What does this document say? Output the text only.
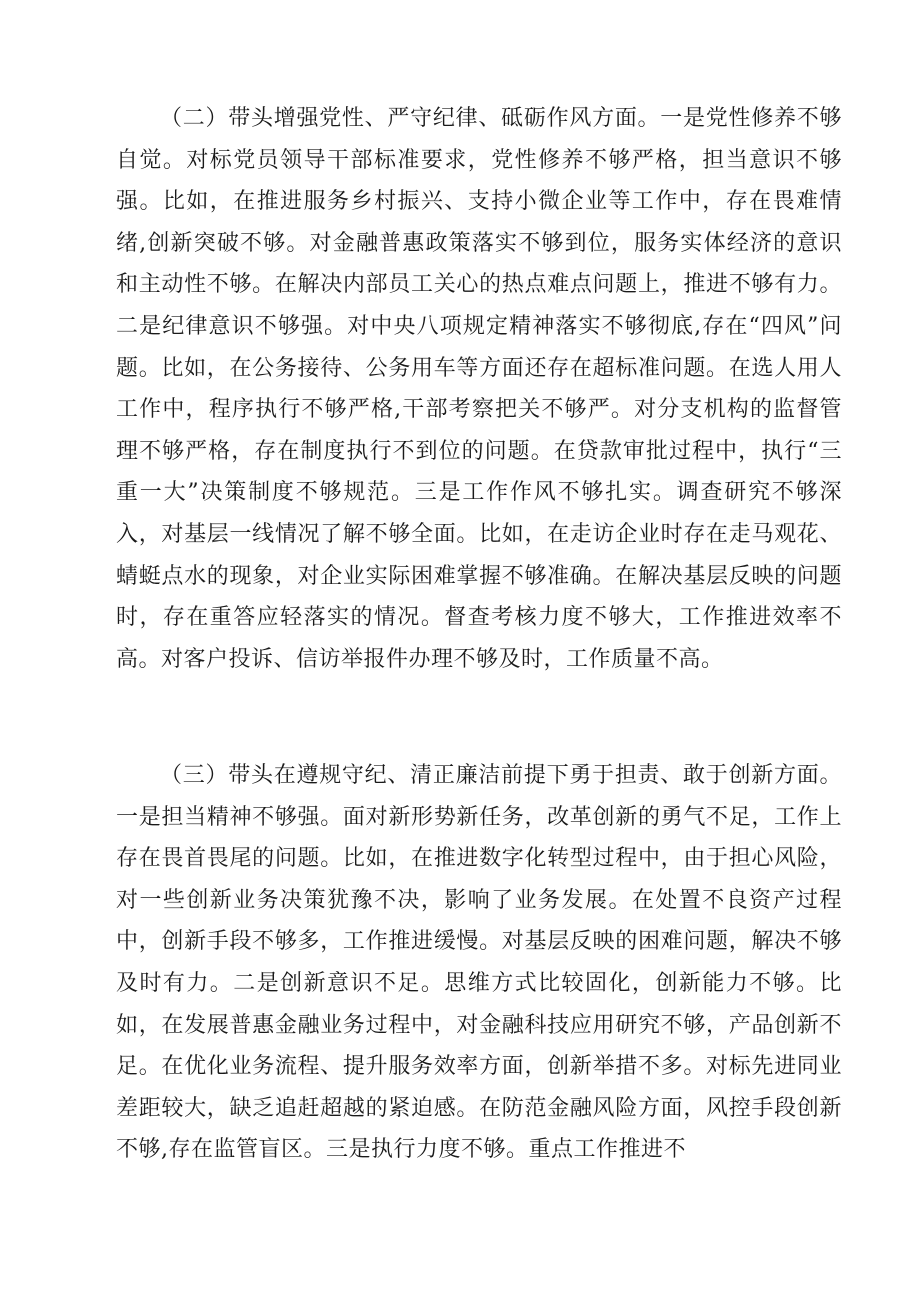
（二）带头增强党性、严守纪律、砥砺作风方面。一是党性修养不够自觉。对标党员领导干部标准要求，党性修养不够严格，担当意识不够强。比如，在推进服务乡村振兴、支持小微企业等工作中，存在畏难情绪,创新突破不够。对金融普惠政策落实不够到位，服务实体经济的意识和主动性不够。在解决内部员工关心的热点难点问题上，推进不够有力。二是纪律意识不够强。对中央八项规定精神落实不够彻底,存在“四风”问题。比如，在公务接待、公务用车等方面还存在超标准问题。在选人用人工作中，程序执行不够严格,干部考察把关不够严。对分支机构的监督管理不够严格，存在制度执行不到位的问题。在贷款审批过程中，执行“三重一大”决策制度不够规范。三是工作作风不够扎实。调查研究不够深入，对基层一线情况了解不够全面。比如，在走访企业时存在走马观花、蜻蜓点水的现象，对企业实际困难掌握不够准确。在解决基层反映的问题时，存在重答应轻落实的情况。督查考核力度不够大，工作推进效率不高。对客户投诉、信访举报件办理不够及时，工作质量不高。

（三）带头在遵规守纪、清正廉洁前提下勇于担责、敢于创新方面。一是担当精神不够强。面对新形势新任务，改革创新的勇气不足，工作上存在畏首畏尾的问题。比如，在推进数字化转型过程中，由于担心风险，对一些创新业务决策犹豫不决，影响了业务发展。在处置不良资产过程中，创新手段不够多，工作推进缓慢。对基层反映的困难问题，解决不够及时有力。二是创新意识不足。思维方式比较固化，创新能力不够。比如，在发展普惠金融业务过程中，对金融科技应用研究不够，产品创新不足。在优化业务流程、提升服务效率方面，创新举措不多。对标先进同业差距较大，缺乏追赶超越的紧迫感。在防范金融风险方面，风控手段创新不够,存在监管盲区。三是执行力度不够。重点工作推进不
